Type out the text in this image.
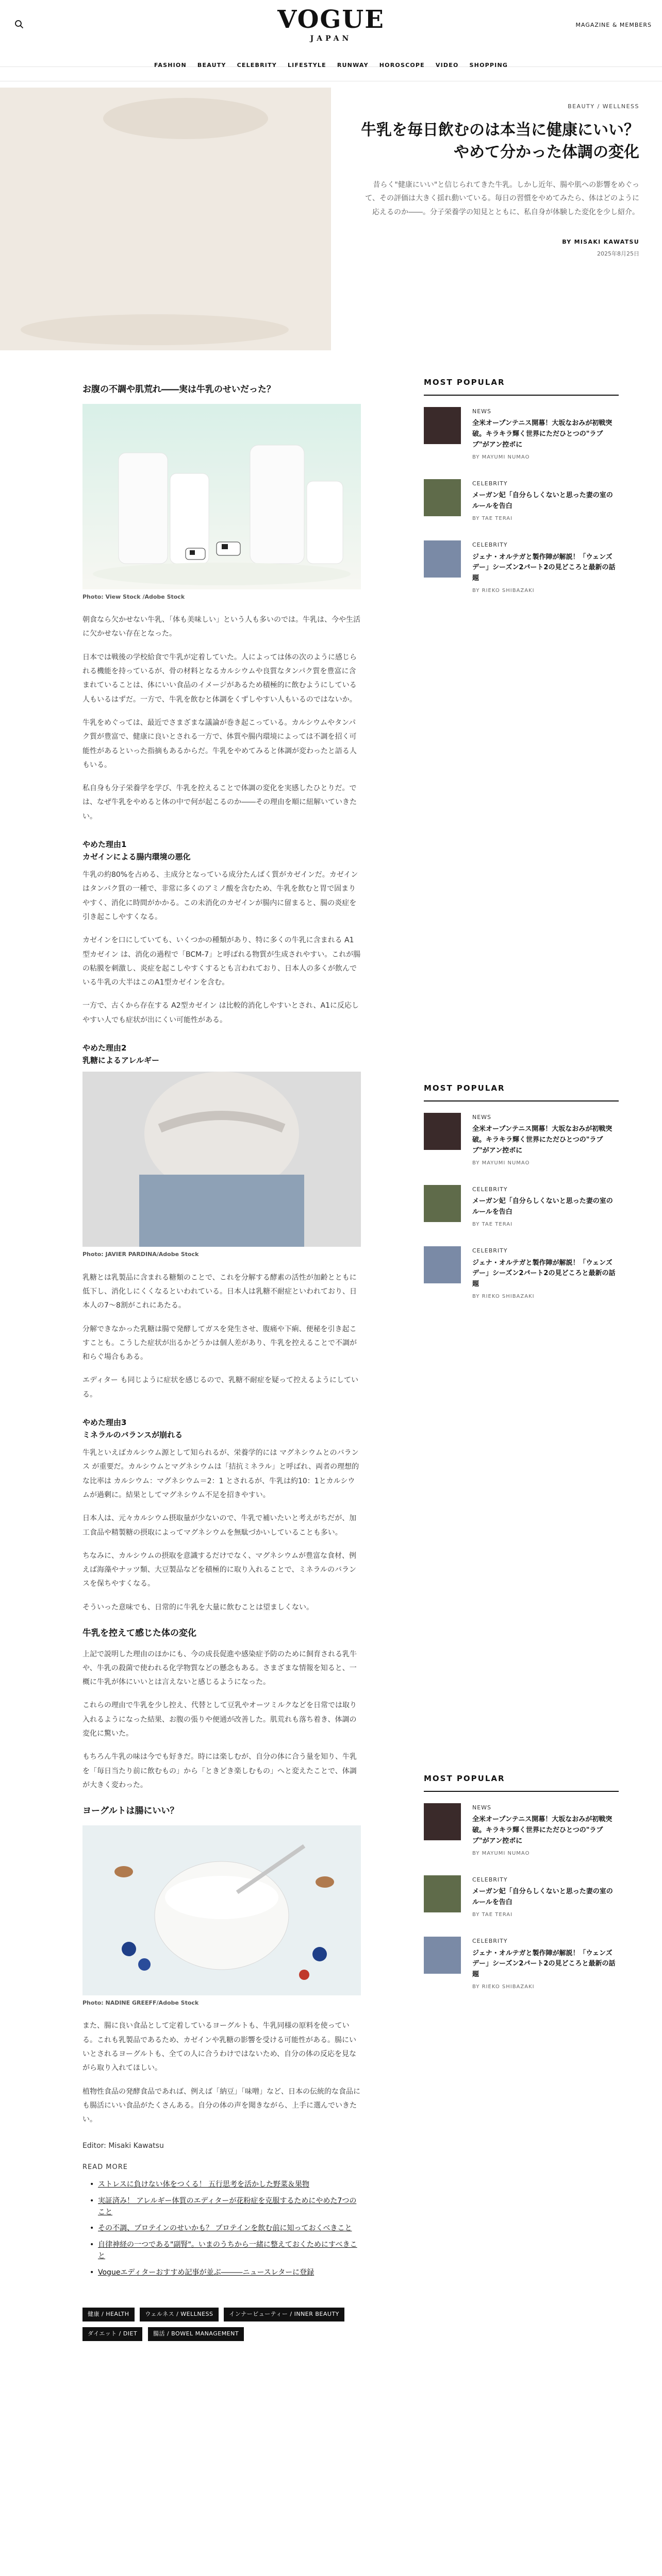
VOGUE
JAPAN
MAGAZINE & MEMBERS
FASHION BEAUTY CELEBRITY LIFESTYLE RUNWAY HOROSCOPE VIDEO SHOPPING
BEAUTY / WELLNESS
牛乳を毎日飲むのは本当に健康にいい？ やめて分かった体調の変化
昔らく"健康にいい"と信じられてきた牛乳。しかし近年、腸や肌への影響をめぐって、その評価は大きく揺れ動いている。毎日の習慣をやめてみたら、体はどのように応えるのか――。分子栄養学の知見とともに、私自身が体験した変化を少し紹介。
BY MISAKI KAWATSU
2025年8月25日
お腹の不調や肌荒れ――実は牛乳のせいだった？
Photo: View Stock /Adobe Stock

朝食なら欠かせない牛乳、「体も美味しい」という人も多いのでは。牛乳は、今や生活に欠かせない存在となった。

日本では戦後の学校給食で牛乳が定着していた。人によっては体の次のように感じられる機能を持っているが、骨の材料となるカルシウムや良質なタンパク質を豊富に含まれていることは、体にいい食品のイメージがあるため積極的に飲むようにしている人もいるはずだ。一方で、牛乳を飲むと体調をくずしやすい人もいるのではないか。

牛乳をめぐっては、最近でさまざまな議論が巻き起こっている。カルシウムやタンパク質が豊富で、健康に良いとされる一方で、体質や腸内環境によっては不調を招く可能性があるといった指摘もあるからだ。牛乳をやめてみると体調が変わったと語る人もいる。

私自身も分子栄養学を学び、牛乳を控えることで体調の変化を実感したひとりだ。では、なぜ牛乳をやめると体の中で何が起こるのか――その理由を順に紐解いていきたい。

やめた理由1
カゼインによる腸内環境の悪化

牛乳の約80%を占める、主成分となっている成分たんぱく質がカゼインだ。カゼインはタンパク質の一種で、非常に多くのアミノ酸を含むため、牛乳を飲むと胃で固まりやすく、消化に時間がかかる。この未消化のカゼインが腸内に留まると、腸の炎症を引き起こしやすくなる。

カゼインを口にしていても、いくつかの種類があり、特に多くの牛乳に含まれる A1型カゼイン は、消化の過程で「BCM-7」と呼ばれる物質が生成されやすい。これが腸の粘膜を刺激し、炎症を起こしやすくするとも言われており、日本人の多くが飲んでいる牛乳の大半はこのA1型カゼインを含む。

一方で、古くから存在する A2型カゼイン は比較的消化しやすいとされ、A1に反応しやすい人でも症状が出にくい可能性がある。

やめた理由2
乳糖によるアレルギー
Photo: JAVIER PARDINA/Adobe Stock

乳糖とは乳製品に含まれる糖類のことで、これを分解する酵素の活性が加齢とともに低下し、消化しにくくなるといわれている。日本人は乳糖不耐症といわれており、日本人の7〜8割がこれにあたる。

分解できなかった乳糖は腸で発酵してガスを発生させ、腹痛や下痢、便秘を引き起こすことも。こうした症状が出るかどうかは個人差があり、牛乳を控えることで不調が和らぐ場合もある。

エディター も同じように症状を感じるので、乳糖不耐症を疑って控えるようにしている。

やめた理由3
ミネラルのバランスが崩れる

牛乳といえばカルシウム源として知られるが、栄養学的には マグネシウムとのバランス が重要だ。カルシウムとマグネシウムは「拮抗ミネラル」と呼ばれ、両者の理想的な比率は カルシウム：マグネシウム＝2：1 とされるが、牛乳は約10：1とカルシウムが過剰に。結果としてマグネシウム不足を招きやすい。

日本人は、元々カルシウム摂取量が少ないので、牛乳で補いたいと考えがちだが、加工食品や精製糖の摂取によってマグネシウムを無駄づかいしていることも多い。

ちなみに、カルシウムの摂取を意識するだけでなく、マグネシウムが豊富な食材、例えば海藻やナッツ類、大豆製品などを積極的に取り入れることで、ミネラルのバランスを保ちやすくなる。

そういった意味でも、日常的に牛乳を大量に飲むことは望ましくない。

牛乳を控えて感じた体の変化

上記で説明した理由のほかにも、今の成長促進や感染症予防のために飼育される乳牛や、牛乳の殺菌で使われる化学物質などの懸念もある。さまざまな情報を知ると、一概に牛乳が体にいいとは言えないと感じるようになった。

これらの理由で牛乳を少し控え、代替として豆乳やオーツミルクなどを日常では取り入れるようになった結果、お腹の張りや便通が改善した。肌荒れも落ち着き、体調の変化に驚いた。

もちろん牛乳の味は今でも好きだ。時には楽しむが、自分の体に合う量を知り、牛乳を「毎日当たり前に飲むもの」から「ときどき楽しむもの」へと変えたことで、体調が大きく変わった。

ヨーグルトは腸にいい？
Photo: NADINE GREEFF/Adobe Stock

また、腸に良い食品として定着しているヨーグルトも、牛乳同様の原料を使っている。これも乳製品であるため、カゼインや乳糖の影響を受ける可能性がある。腸にいいとされるヨーグルトも、全ての人に合うわけではないため、自分の体の反応を見ながら取り入れてほしい。

植物性食品の発酵食品であれば、例えば「納豆」「味噌」など、日本の伝統的な食品にも腸活にいい食品がたくさんある。自分の体の声を聞きながら、上手に選んでいきたい。

Editor: Misaki Kawatsu
READ MORE
• ストレスに負けない体をつくる！ 五行思考を活かした野菜＆果物
• 実証済み！ アレルギー体質のエディターが花粉症を克服するためにやめた7つのこと
• その不調、プロテインのせいかも？ プロテインを飲む前に知っておくべきこと
• 自律神経の一つである"副腎"。いまのうちから一緒に整えておくためにすべきこと
• Vogueエディターおすすめ記事が並ぶ―――ニュースレターに登録
健康 / HEALTH	ウェルネス / WELLNESS	インナービューティー / INNER BEAUTY ダイエット / DIET	腸活 / BOWEL MANAGEMENT
MOST POPULAR
NEWS
全米オープンテニス開幕！大坂なおみが初戦突破。キラキラ輝く世界にただひとつの"ラブブ"がアン控ボに
BY MAYUMI NUMAO
CELEBRITY
メーガン妃「自分らしくないと思った妻の室のルールを告白
BY TAE TERAI
CELEBRITY
ジェナ・オルテガと製作陣が解説！「ウェンズデー」シーズン2パート2の見どころと最新の話題
BY RIEKO SHIBAZAKI
MOST POPULAR
NEWS
全米オープンテニス開幕！大坂なおみが初戦突破。キラキラ輝く世界にただひとつの"ラブブ"がアン控ボに
BY MAYUMI NUMAO
CELEBRITY
メーガン妃「自分らしくないと思った妻の室のルールを告白
BY TAE TERAI
CELEBRITY
ジェナ・オルテガと製作陣が解説！「ウェンズデー」シーズン2パート2の見どころと最新の話題
BY RIEKO SHIBAZAKI
MOST POPULAR
NEWS
全米オープンテニス開幕！大坂なおみが初戦突破。キラキラ輝く世界にただひとつの"ラブブ"がアン控ボに
BY MAYUMI NUMAO
CELEBRITY
メーガン妃「自分らしくないと思った妻の室のルールを告白
BY TAE TERAI
CELEBRITY
ジェナ・オルテガと製作陣が解説！「ウェンズデー」シーズン2パート2の見どころと最新の話題
BY RIEKO SHIBAZAKI
